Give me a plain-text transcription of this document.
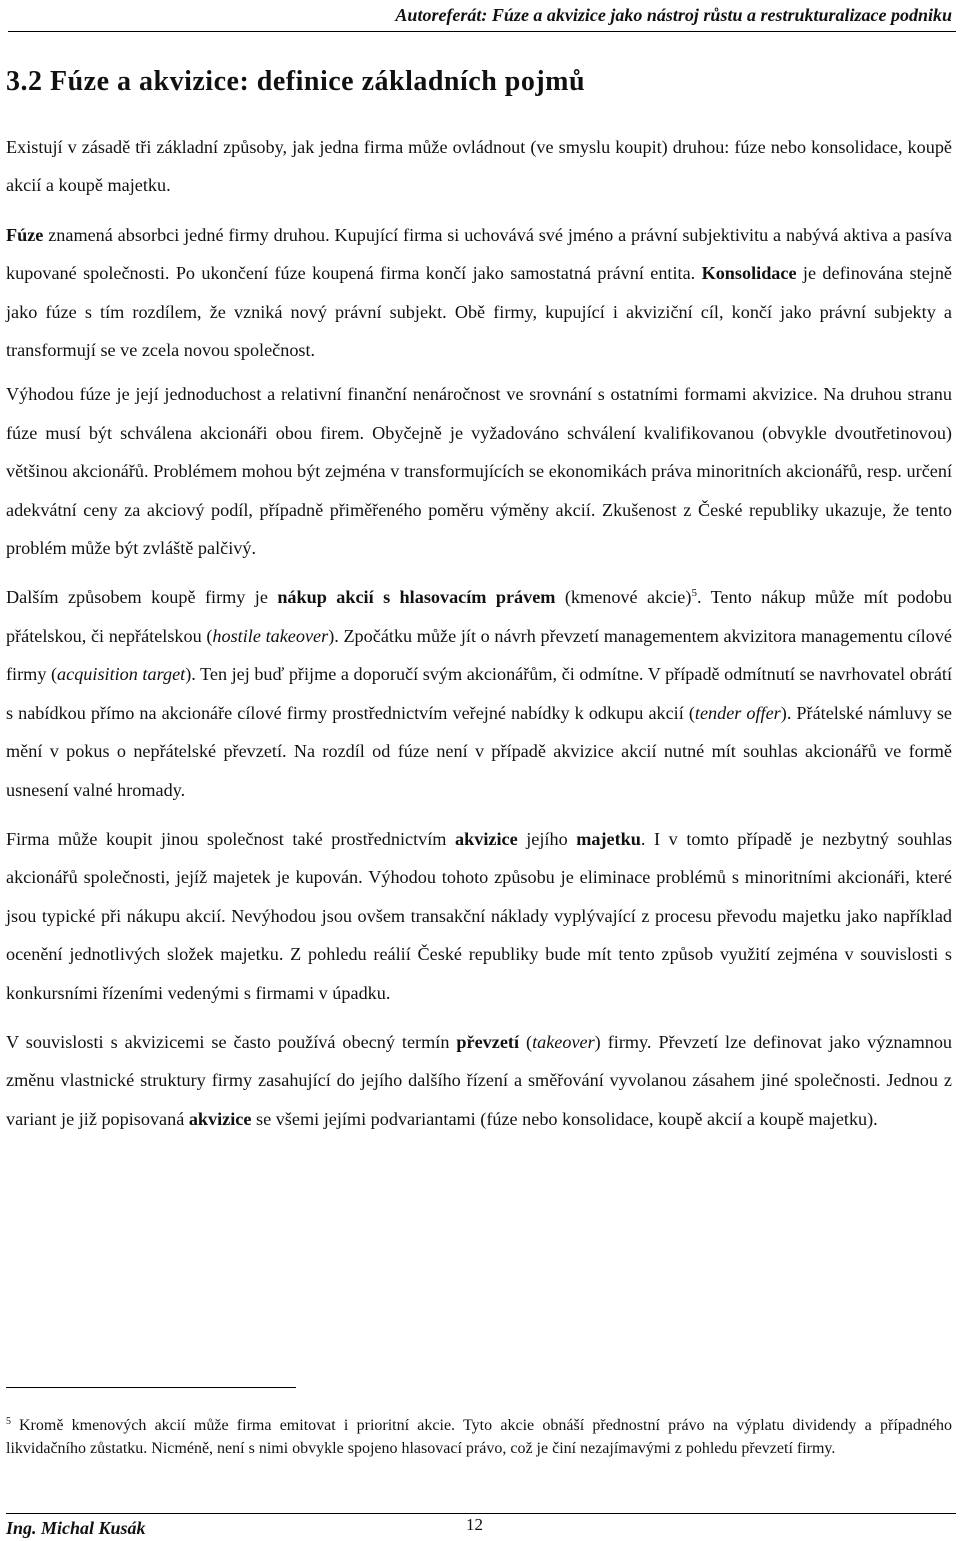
Autoreferát: Fúze a akvizice jako nástroj růstu a restrukturalizace podniku
3.2 Fúze a akvizice: definice základních pojmů

Existují v zásadě tři základní způsoby, jak jedna firma může ovládnout (ve smyslu koupit) druhou: fúze nebo konsolidace, koupě akcií a koupě majetku.

Fúze znamená absorbci jedné firmy druhou. Kupující firma si uchovává své jméno a právní subjektivitu a nabývá aktiva a pasíva kupované společnosti. Po ukončení fúze koupená firma končí jako samostatná právní entita. Konsolidace je definována stejně jako fúze s tím rozdílem, že vzniká nový právní subjekt. Obě firmy, kupující i akviziční cíl, končí jako právní subjekty a transformují se ve zcela novou společnost.

Výhodou fúze je její jednoduchost a relativní finanční nenáročnost ve srovnání s ostatními formami akvizice. Na druhou stranu fúze musí být schválena akcionáři obou firem. Obyčejně je vyžadováno schválení kvalifikovanou (obvykle dvoutřetinovou) většinou akcionářů. Problémem mohou být zejména v transformujících se ekonomikách práva minoritních akcionářů, resp. určení adekvátní ceny za akciový podíl, případně přiměřeného poměru výměny akcií. Zkušenost z České republiky ukazuje, že tento problém může být zvláště palčivý.

Dalším způsobem koupě firmy je nákup akcií s hlasovacím právem (kmenové akcie)$^5$. Tento nákup může mít podobu přátelskou, či nepřátelskou (hostile takeover). Zpočátku může jít o návrh převzetí managementem akvizitora managementu cílové firmy (acquisition target). Ten jej buď přijme a doporučí svým akcionářům, či odmítne. V případě odmítnutí se navrhovatel obrátí s nabídkou přímo na akcionáře cílové firmy prostřednictvím veřejné nabídky k odkupu akcií (tender offer). Přátelské námluvy se mění v pokus o nepřátelské převzetí. Na rozdíl od fúze není v případě akvizice akcií nutné mít souhlas akcionářů ve formě usnesení valné hromady.

Firma může koupit jinou společnost také prostřednictvím akvizice jejího majetku. I v tomto případě je nezbytný souhlas akcionářů společnosti, jejíž majetek je kupován. Výhodou tohoto způsobu je eliminace problémů s minoritními akcionáři, které jsou typické při nákupu akcií. Nevýhodou jsou ovšem transakční náklady vyplývající z procesu převodu majetku jako například ocenění jednotlivých složek majetku. Z pohledu reálií České republiky bude mít tento způsob využití zejména v souvislosti s konkursními řízeními vedenými s firmami v úpadku.

V souvislosti s akvizicemi se často používá obecný termín převzetí (takeover) firmy. Převzetí lze definovat jako významnou změnu vlastnické struktury firmy zasahující do jejího dalšího řízení a směřování vyvolanou zásahem jiné společnosti. Jednou z variant je již popisovaná akvizice se všemi jejími podvariantami (fúze nebo konsolidace, koupě akcií a koupě majetku).

$^5$ Kromě kmenových akcií může firma emitovat i prioritní akcie. Tyto akcie obnáší přednostní právo na výplatu dividendy a případného likvidačního zůstatku. Nicméně, není s nimi obvykle spojeno hlasovací právo, což je činí nezajímavými z pohledu převzetí firmy.
Ing. Michal Kusák	12
